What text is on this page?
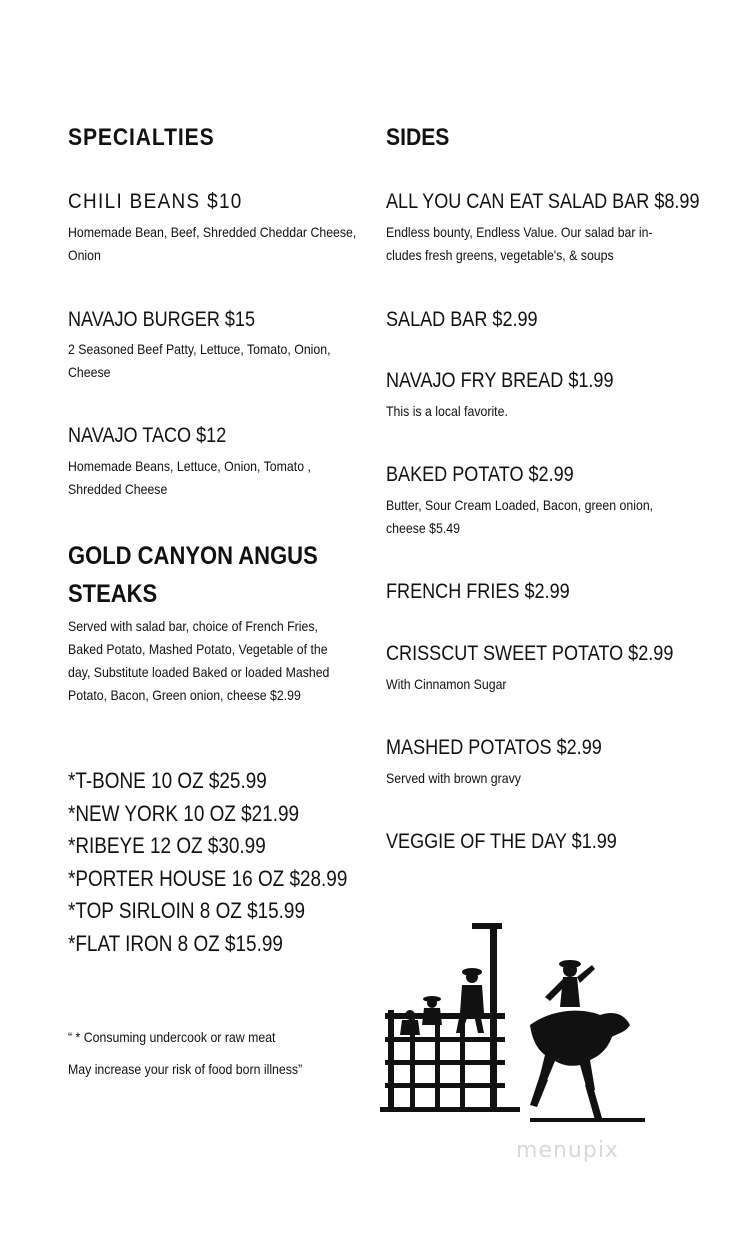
SPECIALTIES
CHILI BEANS $10
Homemade Bean, Beef, Shredded Cheddar Cheese, Onion
NAVAJO BURGER $15
2 Seasoned Beef Patty, Lettuce, Tomato, Onion, Cheese
NAVAJO TACO $12
Homemade Beans, Lettuce, Onion, Tomato , Shredded Cheese
GOLD CANYON ANGUS STEAKS
Served with salad bar, choice of French Fries, Baked Potato, Mashed Potato, Vegetable of the day, Substitute loaded Baked or loaded Mashed Potato, Bacon, Green onion, cheese $2.99
*T-BONE 10 OZ $25.99
*NEW YORK 10 OZ $21.99
*RIBEYE 12 OZ $30.99
*PORTER HOUSE 16 OZ $28.99
*TOP SIRLOIN 8 OZ $15.99
*FLAT IRON 8 OZ $15.99
“ * Consuming undercook or raw meat
May increase your risk of food born illness”
SIDES
ALL YOU CAN EAT SALAD BAR $8.99
Endless bounty, Endless Value. Our salad bar in-cludes fresh greens, vegetable's, & soups
SALAD BAR $2.99
NAVAJO FRY BREAD $1.99
This is a local favorite.
BAKED POTATO $2.99
Butter, Sour Cream Loaded, Bacon, green onion, cheese $5.49
FRENCH FRIES $2.99
CRISSCUT SWEET POTATO $2.99
With Cinnamon Sugar
MASHED POTATOS $2.99
Served with brown gravy
VEGGIE OF THE DAY $1.99
menupix
